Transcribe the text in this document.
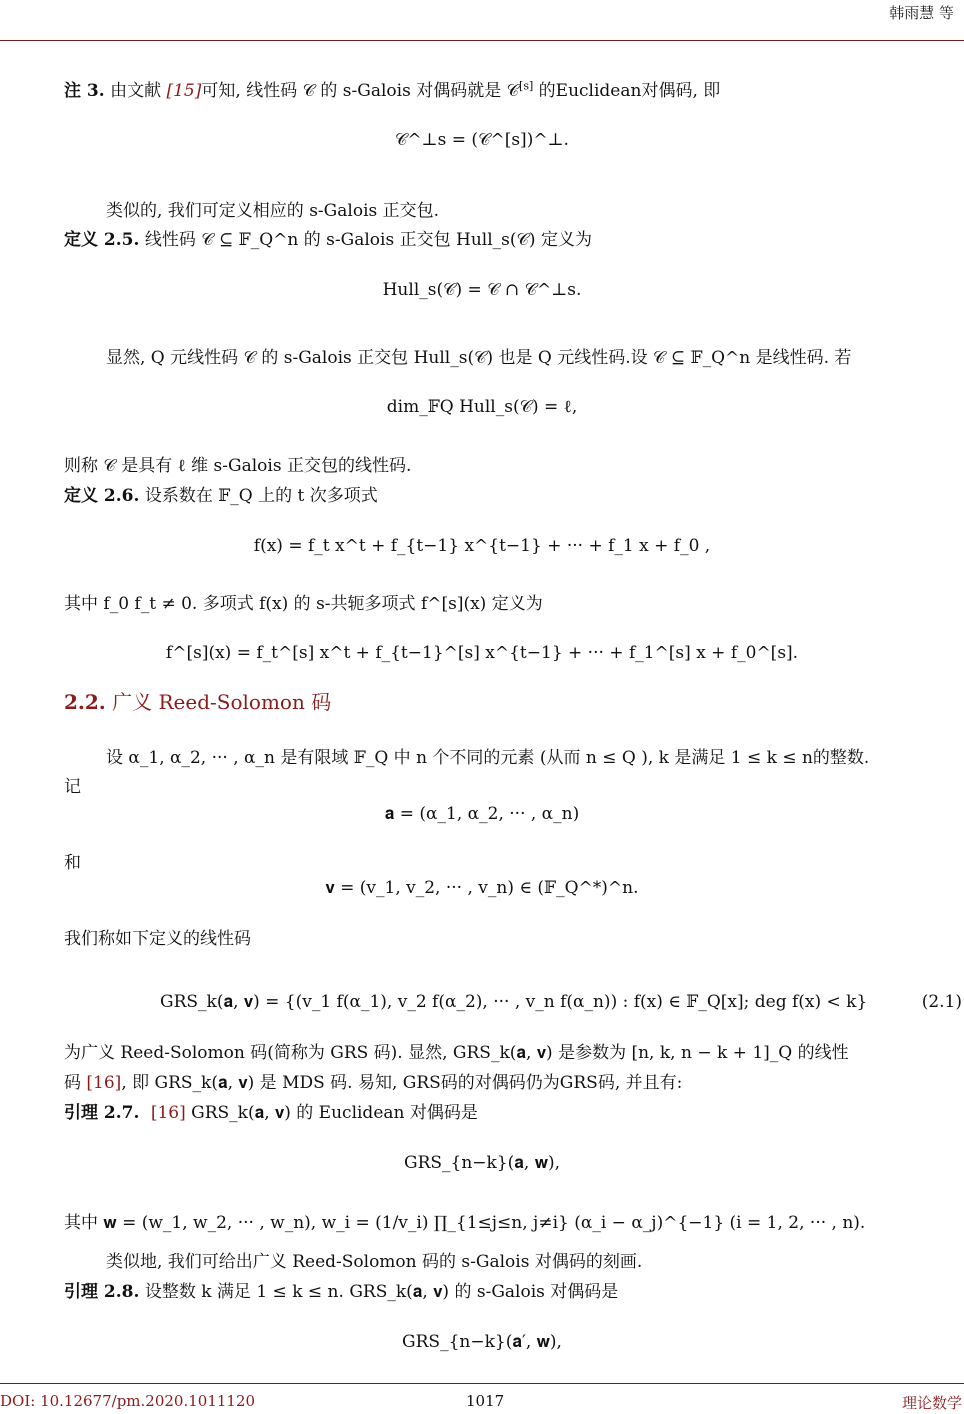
韩雨慧 等
注 3. 由文献 [15]可知, 线性码 𝒞 的 s-Galois 对偶码就是 𝒞[s] 的Euclidean对偶码, 即
𝒞^⊥s = (𝒞^[s])^⊥.
类似的, 我们可定义相应的 s-Galois 正交包.
定义 2.5. 线性码 𝒞 ⊆ 𝔽_Q^n 的 s-Galois 正交包 Hull_s(𝒞) 定义为
Hull_s(𝒞) = 𝒞 ∩ 𝒞^⊥s.
显然, Q 元线性码 𝒞 的 s-Galois 正交包 Hull_s(𝒞) 也是 Q 元线性码.设 𝒞 ⊆ 𝔽_Q^n 是线性码. 若
dim_𝔽Q Hull_s(𝒞) = ℓ,
则称 𝒞 是具有 ℓ 维 s-Galois 正交包的线性码.
定义 2.6. 设系数在 𝔽_Q 上的 t 次多项式
f(x) = f_t x^t + f_{t−1} x^{t−1} + ··· + f_1 x + f_0 ,
其中 f_0 f_t ≠ 0. 多项式 f(x) 的 s-共轭多项式 f^[s](x) 定义为
f^[s](x) = f_t^[s] x^t + f_{t−1}^[s] x^{t−1} + ··· + f_1^[s] x + f_0^[s].
2.2. 广义 Reed-Solomon 码
设 α_1, α_2, ··· , α_n 是有限域 𝔽_Q 中 n 个不同的元素 (从而 n ≤ Q ), k 是满足 1 ≤ k ≤ n的整数.
记
𝐚 = (α_1, α_2, ··· , α_n)
和
𝐯 = (v_1, v_2, ··· , v_n) ∈ (𝔽_Q^*)^n.
我们称如下定义的线性码
GRS_k(𝐚, 𝐯) = {(v_1 f(α_1), v_2 f(α_2), ··· , v_n f(α_n)) : f(x) ∈ 𝔽_Q[x]; deg f(x) < k}	(2.1)
为广义 Reed-Solomon 码(简称为 GRS 码). 显然, GRS_k(𝐚, 𝐯) 是参数为 [n, k, n − k + 1]_Q 的线性
码 [16], 即 GRS_k(𝐚, 𝐯) 是 MDS 码. 易知, GRS码的对偶码仍为GRS码, 并且有:
引理 2.7. [16] GRS_k(𝐚, 𝐯) 的 Euclidean 对偶码是
GRS_{n−k}(𝐚, 𝐰),
其中 𝐰 = (w_1, w_2, ··· , w_n), w_i = (1/v_i) ∏_{1≤j≤n, j≠i} (α_i − α_j)^{−1} (i = 1, 2, ··· , n).
类似地, 我们可给出广义 Reed-Solomon 码的 s-Galois 对偶码的刻画.
引理 2.8. 设整数 k 满足 1 ≤ k ≤ n. GRS_k(𝐚, 𝐯) 的 s-Galois 对偶码是
GRS_{n−k}(𝐚′, 𝐰),
DOI: 10.12677/pm.2020.1011120	1017	理论数学
